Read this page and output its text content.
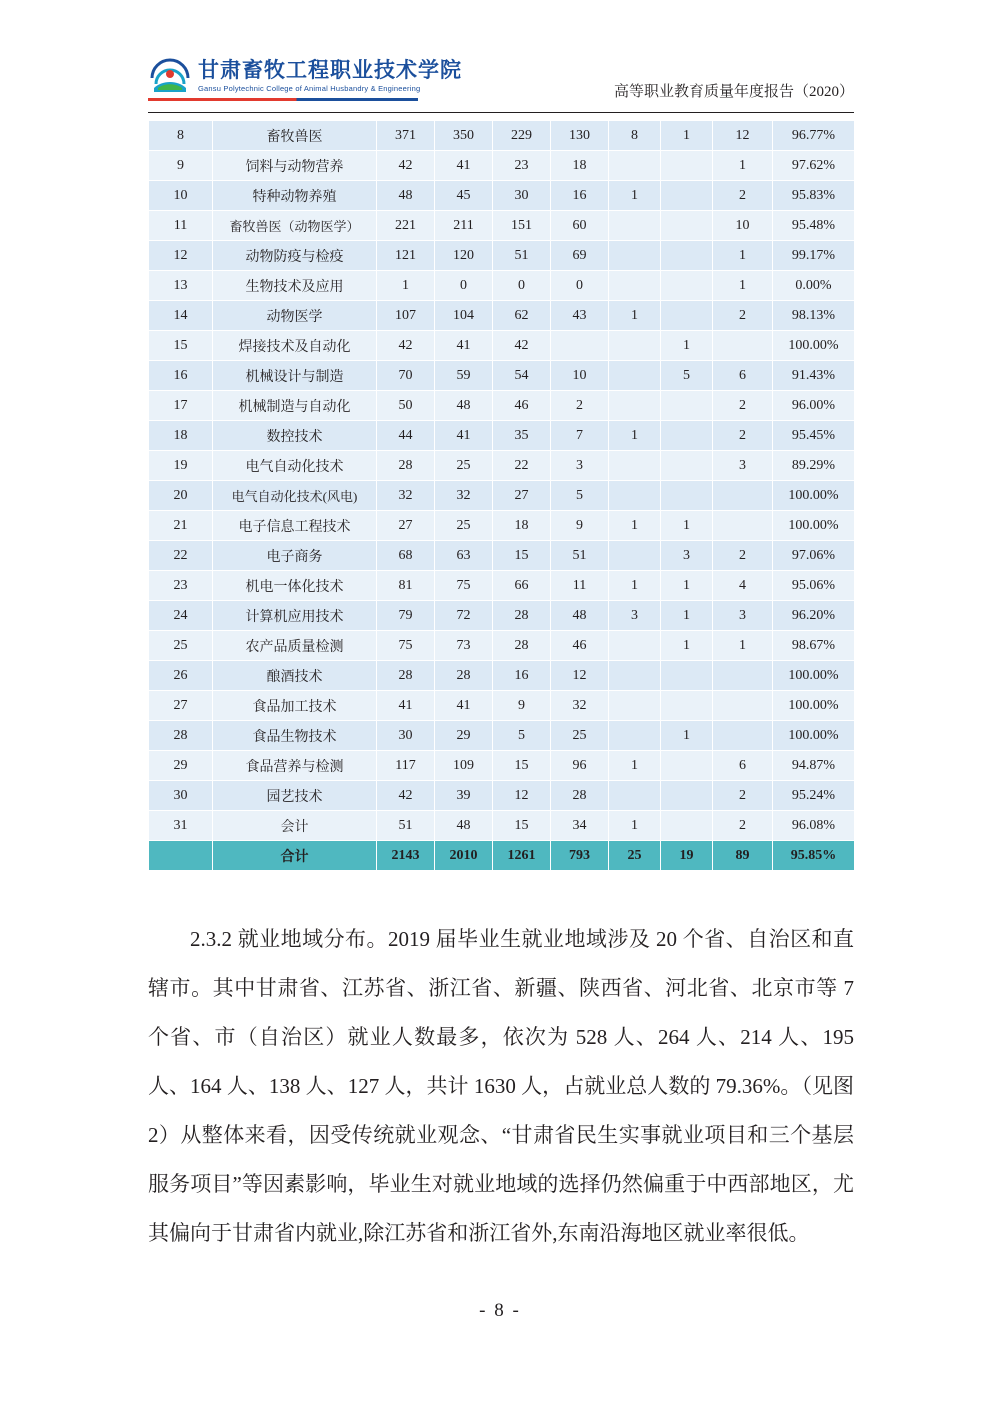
甘肃畜牧工程职业技术学院
Gansu Polytechnic College of Animal Husbandry & Engineering	高等职业教育质量年度报告（2020）
8	畜牧兽医	371	350	229	130	8	1	12	96.77%
9	饲料与动物营养	42	41	23	18			1	97.62%
10	特种动物养殖	48	45	30	16	1		2	95.83%
11	畜牧兽医（动物医学）	221	211	151	60			10	95.48%
12	动物防疫与检疫	121	120	51	69			1	99.17%
13	生物技术及应用	1	0	0	0			1	0.00%
14	动物医学	107	104	62	43	1		2	98.13%
15	焊接技术及自动化	42	41	42			1		100.00%
16	机械设计与制造	70	59	54	10		5	6	91.43%
17	机械制造与自动化	50	48	46	2			2	96.00%
18	数控技术	44	41	35	7	1		2	95.45%
19	电气自动化技术	28	25	22	3			3	89.29%
20	电气自动化技术(风电)	32	32	27	5				100.00%
21	电子信息工程技术	27	25	18	9	1	1		100.00%
22	电子商务	68	63	15	51		3	2	97.06%
23	机电一体化技术	81	75	66	11	1	1	4	95.06%
24	计算机应用技术	79	72	28	48	3	1	3	96.20%
25	农产品质量检测	75	73	28	46		1	1	98.67%
26	酿酒技术	28	28	16	12				100.00%
27	食品加工技术	41	41	9	32				100.00%
28	食品生物技术	30	29	5	25		1		100.00%
29	食品营养与检测	117	109	15	96	1		6	94.87%
30	园艺技术	42	39	12	28			2	95.24%
31	会计	51	48	15	34	1		2	96.08%
	合计	2143	2010	1261	793	25	19	89	95.85%

2.3.2 就业地域分布。2019 届毕业生就业地域涉及 20 个省、自治区和直辖市。其中甘肃省、江苏省、浙江省、新疆、陕西省、河北省、北京市等 7 个省、市（自治区）就业人数最多，依次为 528 人、264 人、214 人、195 人、164 人、138 人、127 人，共计 1630 人，占就业总人数的 79.36%。（见图 2）从整体来看，因受传统就业观念、“甘肃省民生实事就业项目和三个基层服务项目”等因素影响，毕业生对就业地域的选择仍然偏重于中西部地区，尤其偏向于甘肃省内就业,除江苏省和浙江省外,东南沿海地区就业率很低。

- 8 -
